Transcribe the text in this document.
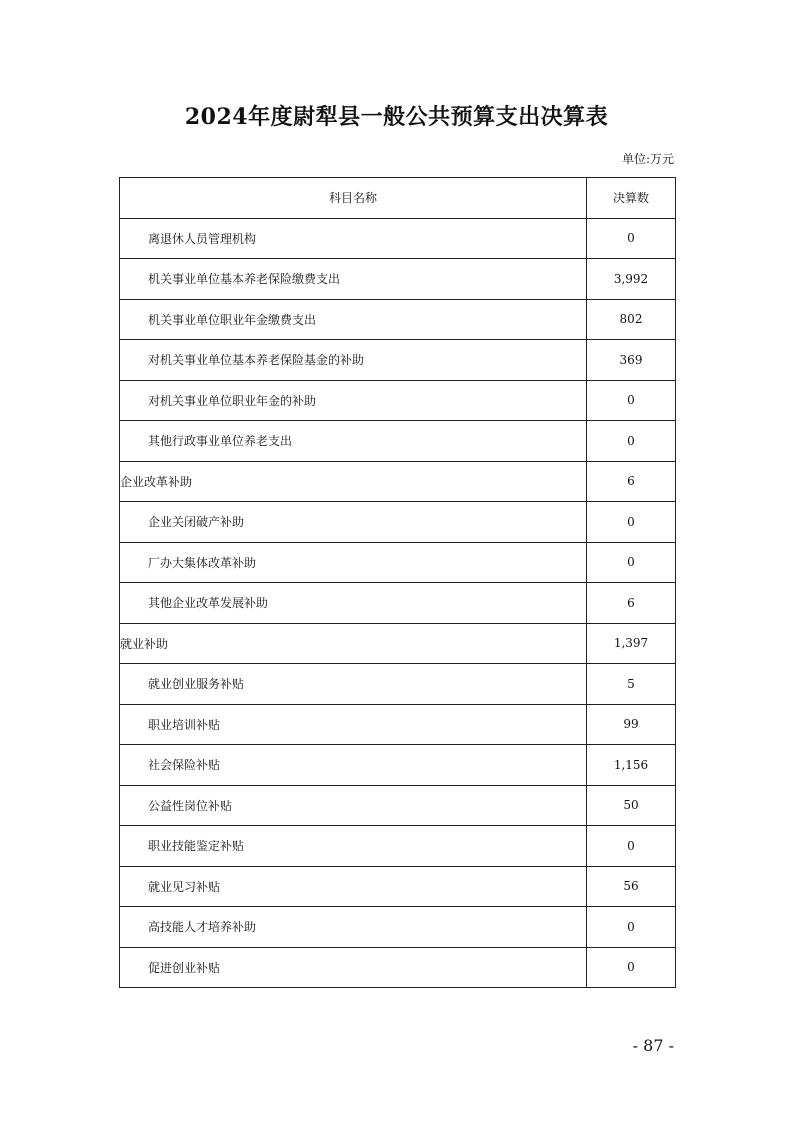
2024年度尉犁县一般公共预算支出决算表
单位:万元
科目名称	决算数
离退休人员管理机构	0
机关事业单位基本养老保险缴费支出	3,992
机关事业单位职业年金缴费支出	802
对机关事业单位基本养老保险基金的补助	369
对机关事业单位职业年金的补助	0
其他行政事业单位养老支出	0
企业改革补助	6
企业关闭破产补助	0
厂办大集体改革补助	0
其他企业改革发展补助	6
就业补助	1,397
就业创业服务补贴	5
职业培训补贴	99
社会保险补贴	1,156
公益性岗位补贴	50
职业技能鉴定补贴	0
就业见习补贴	56
高技能人才培养补助	0
促进创业补贴	0
- 87 -
